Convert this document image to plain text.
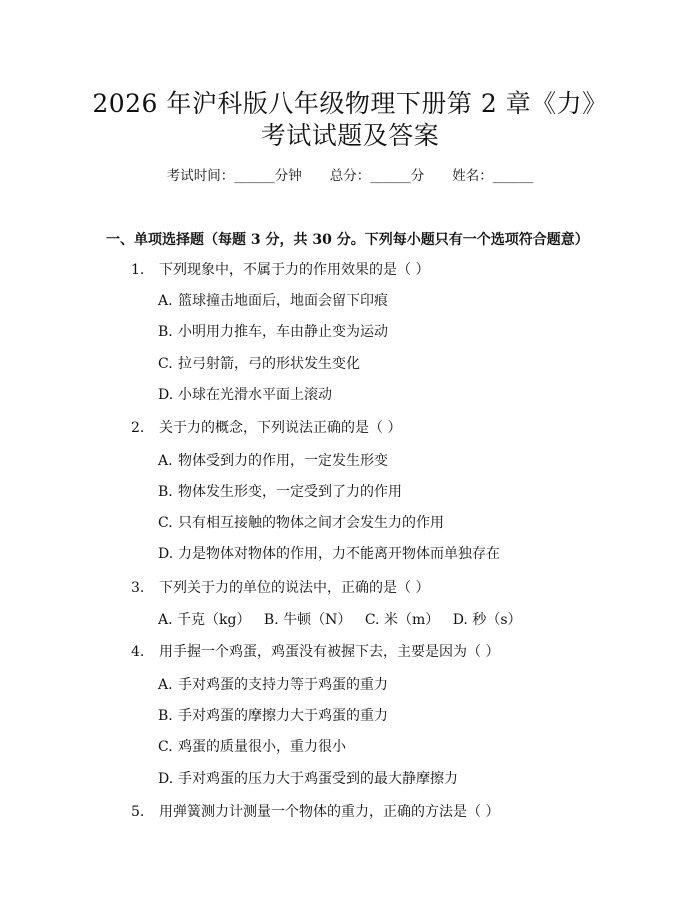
2026 年沪科版八年级物理下册第 2 章《力》
考试试题及答案
考试时间：______分钟 总分：______分 姓名：______
一、单项选择题（每题 3 分，共 30 分。下列每小题只有一个选项符合题意）
1. 下列现象中，不属于力的作用效果的是（ ）
A. 篮球撞击地面后，地面会留下印痕
B. 小明用力推车，车由静止变为运动
C. 拉弓射箭，弓的形状发生变化
D. 小球在光滑水平面上滚动
2. 关于力的概念，下列说法正确的是（ ）
A. 物体受到力的作用，一定发生形变
B. 物体发生形变，一定受到了力的作用
C. 只有相互接触的物体之间才会发生力的作用
D. 力是物体对物体的作用，力不能离开物体而单独存在
3. 下列关于力的单位的说法中，正确的是（ ）
A. 千克（kg） B. 牛顿（N） C. 米（m） D. 秒（s）
4. 用手握一个鸡蛋，鸡蛋没有被握下去，主要是因为（ ）
A. 手对鸡蛋的支持力等于鸡蛋的重力
B. 手对鸡蛋的摩擦力大于鸡蛋的重力
C. 鸡蛋的质量很小，重力很小
D. 手对鸡蛋的压力大于鸡蛋受到的最大静摩擦力
5. 用弹簧测力计测量一个物体的重力，正确的方法是（ ）
